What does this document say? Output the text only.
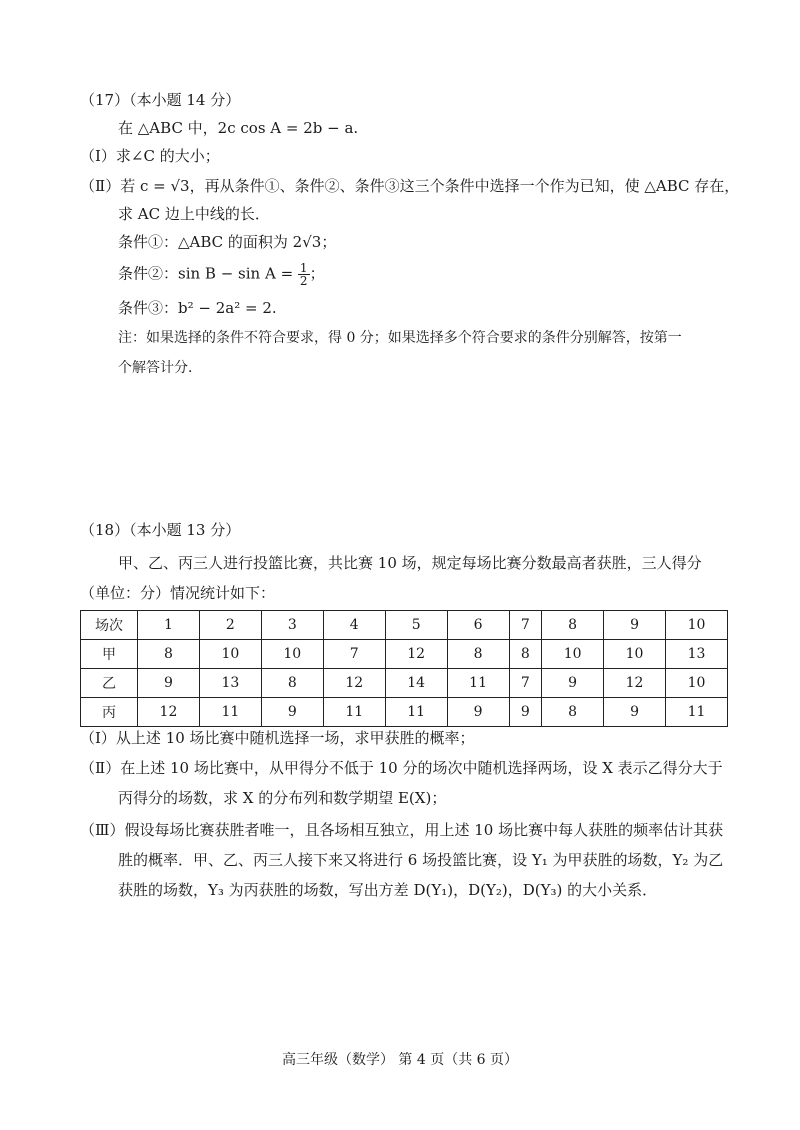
（17）（本小题 14 分）
在 △ABC 中，2c cos A = 2b − a.
（Ⅰ）求∠C 的大小；
（Ⅱ）若 c = √3，再从条件①、条件②、条件③这三个条件中选择一个作为已知，使 △ABC 存在，
求 AC 边上中线的长．
条件①：△ABC 的面积为 2√3；
条件②：$\sin B - \sin A = \frac{1}{2}$ ；
条件③：b² − 2a² = 2.
注：如果选择的条件不符合要求，得 0 分；如果选择多个符合要求的条件分别解答，按第一
个解答计分．
（18）（本小题 13 分）
甲、乙、丙三人进行投篮比赛，共比赛 10 场，规定每场比赛分数最高者获胜，三人得分
（单位：分）情况统计如下：
场次	1	2	3	4	5	6	7	8	9	10
甲	8	10	10	7	12	8	8	10	10	13
乙	9	13	8	12	14	11	7	9	12	10
丙	12	11	9	11	11	9	9	8	9	11
（Ⅰ）从上述 10 场比赛中随机选择一场，求甲获胜的概率；
（Ⅱ）在上述 10 场比赛中，从甲得分不低于 10 分的场次中随机选择两场，设 X 表示乙得分大于
丙得分的场数，求 X 的分布列和数学期望 E(X)；
（Ⅲ）假设每场比赛获胜者唯一，且各场相互独立，用上述 10 场比赛中每人获胜的频率估计其获
胜的概率．甲、乙、丙三人接下来又将进行 6 场投篮比赛，设 Y₁ 为甲获胜的场数，Y₂ 为乙
获胜的场数，Y₃ 为丙获胜的场数，写出方差 D(Y₁)，D(Y₂)，D(Y₃) 的大小关系．
高三年级（数学） 第 4 页（共 6 页）
